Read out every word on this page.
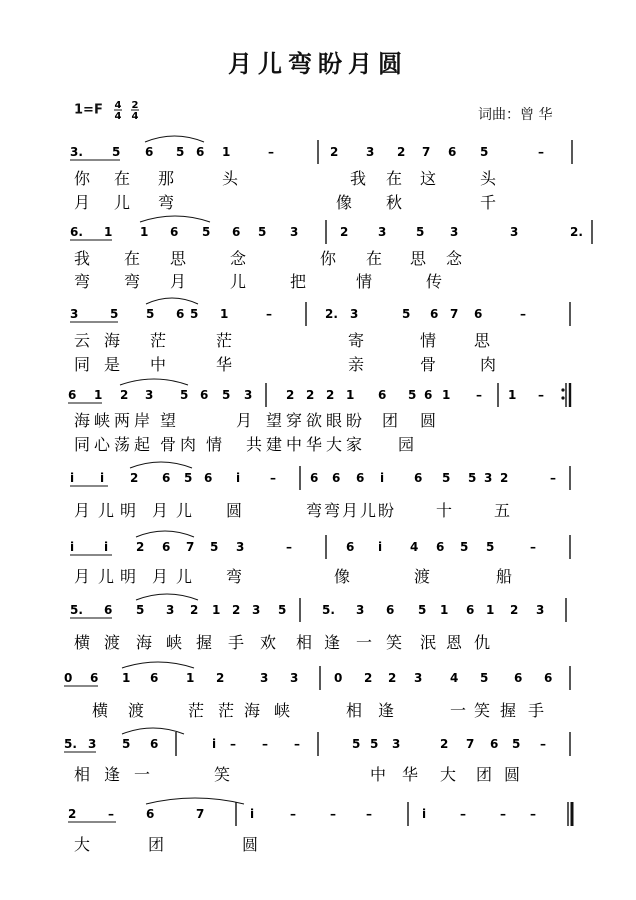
月儿弯盼月圆
1=F 4
4
2
4	词曲：曾 华
3. 5 6 5 6 1	–	2 3 2 7 6 5	–
你 在 那	头	我 在 这	头
月 儿 弯	像 秋	千
6. 1 1 6 5 6 5 3	2 3 5 3	3	2.
我 在 思	念	你 在 思 念
弯 弯 月	儿	把	情	传
3	5 5 6 5 1	–	2. 3	5 6 7 6	–
云 海 茫	茫	寄	情 思
同 是 中	华	亲	骨	肉
6 1 2 3 5 6 5 3	2 2 2 1 6 5 6 1 – 1 –
海 峡 两 岸 望	月 望 穿 欲 眼 盼 团 圆
同 心 荡 起 骨 肉 情 共 建 中 华 大 家 园
i i 2 6 5 6 i –	6 6 6 i 6 5 5 3 2	–
月 儿 明 月 儿 圆	弯 弯 月 儿 盼	十	五
i i 2 6 7 5 3	–	6 i 4 6 5 5	–
月 儿 明 月 儿 弯	像	渡	船
5. 6 5 3 2 1 2 3 5	5. 3 6 5 1 6 1 2 3
横 渡 海 峡 握 手 欢 相 逢 一 笑 泯 恩 仇
0 6 1 6 1 2	3 3	0 2 2 3 4 5 6 6
横 渡	茫 茫 海 峡	相 逢	一 笑 握 手
5. 3 5 6	i – – –	5 5 3	2 7 6 5 –
相 逢 一	笑	中 华 大 团 圆
2	–	6	7	i	–	–	–	i	–	– –
大	团	圆
